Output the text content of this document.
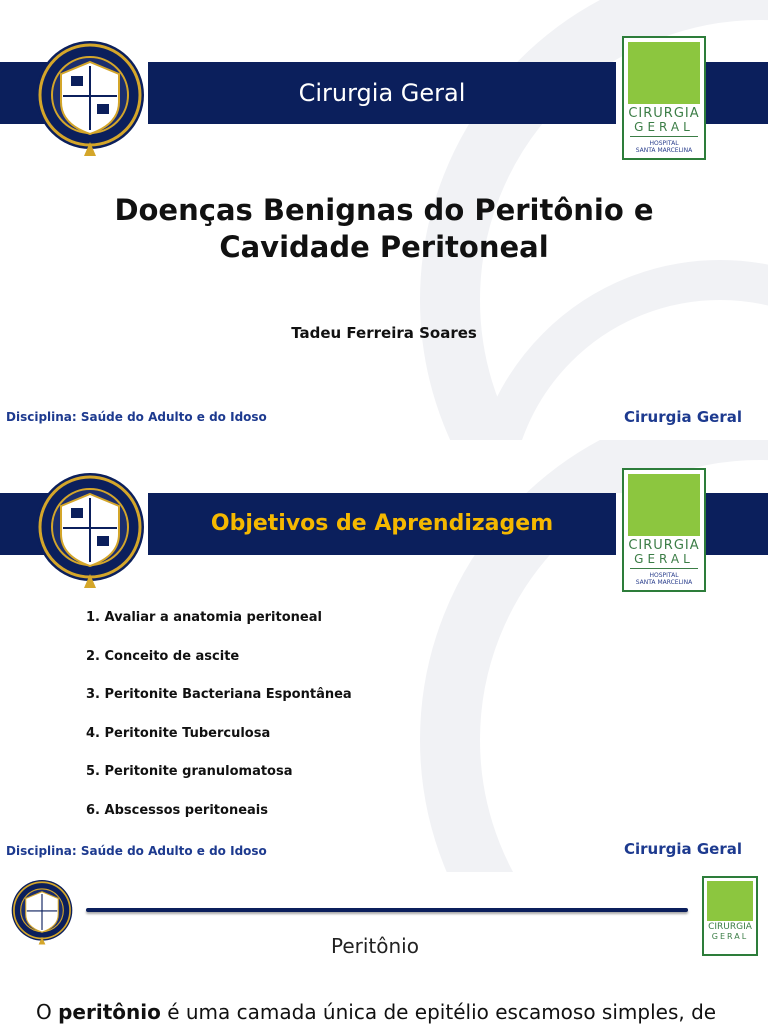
Cirurgia Geral
CIRURGIA
GERAL
HOSPITAL
SANTA MARCELINA
Doenças Benignas do Peritônio e
Cavidade Peritoneal
Tadeu Ferreira Soares
Disciplina: Saúde do Adulto e do Idoso	Cirurgia Geral
Objetivos de Aprendizagem
CIRURGIA
GERAL
HOSPITAL
SANTA MARCELINA
1. Avaliar a anatomia peritoneal
2. Conceito de ascite
3. Peritonite Bacteriana Espontânea
4. Peritonite Tuberculosa
5. Peritonite granulomatosa
6. Abscessos peritoneais
Disciplina: Saúde do Adulto e do Idoso	Cirurgia Geral
CIRURGIA
GERAL
Peritônio
O peritônio é uma camada única de epitélio escamoso simples, de
